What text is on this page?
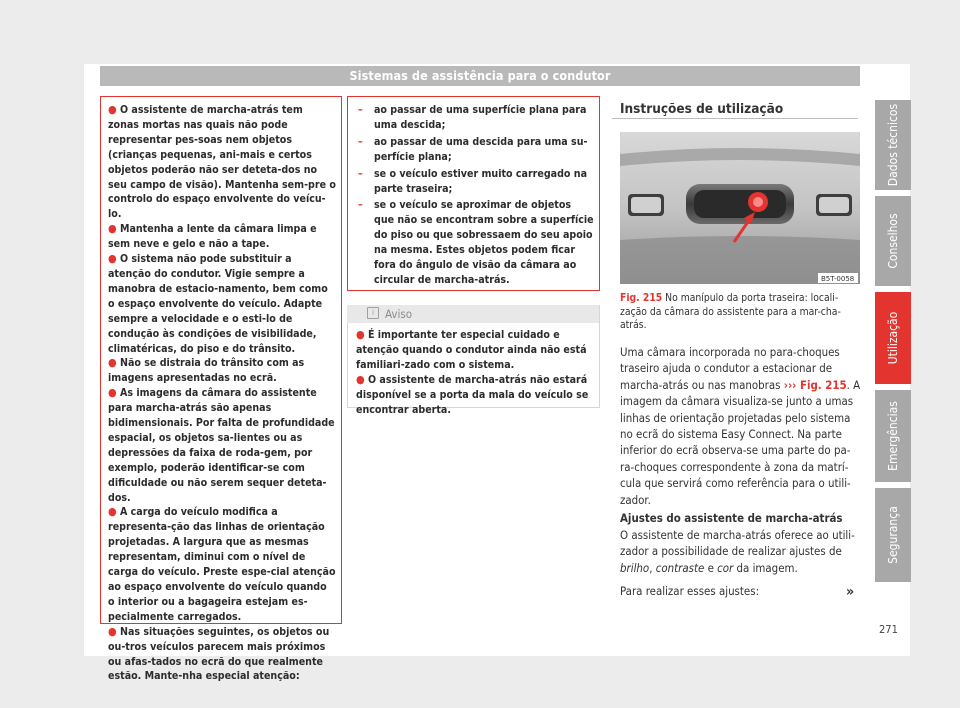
Sistemas de assistência para o condutor

● O assistente de marcha-atrás tem zonas mortas nas quais não pode representar pes-soas nem objetos (crianças pequenas, ani-mais e certos objetos poderão não ser deteta-dos no seu campo de visão). Mantenha sem-pre o controlo do espaço envolvente do veícu-lo.

● Mantenha a lente da câmara limpa e sem neve e gelo e não a tape.

● O sistema não pode substituir a atenção do condutor. Vigie sempre a manobra de estacio-namento, bem como o espaço envolvente do veículo. Adapte sempre a velocidade e o esti-lo de condução às condições de visibilidade, climatéricas, do piso e do trânsito.

● Não se distraia do trânsito com as imagens apresentadas no ecrã.

● As imagens da câmara do assistente para marcha-atrás são apenas bidimensionais. Por falta de profundidade espacial, os objetos sa-lientes ou as depressões da faixa de roda-gem, por exemplo, poderão identificar-se com dificuldade ou não serem sequer deteta-dos.

● A carga do veículo modifica a representa-ção das linhas de orientação projetadas. A largura que as mesmas representam, diminui com o nível de carga do veículo. Preste espe-cial atenção ao espaço envolvente do veículo quando o interior ou a bagageira estejam es-pecialmente carregados.

● Nas situações seguintes, os objetos ou ou-tros veículos parecem mais próximos ou afas-tados no ecrã do que realmente estão. Mante-nha especial atenção:

– ao passar de uma superfície plana para uma descida;

– ao passar de uma descida para uma su-perfície plana;

– se o veículo estiver muito carregado na parte traseira;

– se o veículo se aproximar de objetos que não se encontram sobre a superfície do piso ou que sobressaem do seu apoio na mesma. Estes objetos podem ficar fora do ângulo de visão da câmara ao circular de marcha-atrás.

i Aviso

● É importante ter especial cuidado e atenção quando o condutor ainda não está familiari-zado com o sistema.

● O assistente de marcha-atrás não estará disponível se a porta da mala do veículo se encontrar aberta.

Instruções de utilização
B5T-0058
Fig. 215 No manípulo da porta traseira: locali-zação da câmara do assistente para a mar-cha-atrás.
Uma câmara incorporada no para-choques traseiro ajuda o condutor a estacionar de marcha-atrás ou nas manobras ››› Fig. 215. A imagem da câmara visualiza-se junto a umas linhas de orientação projetadas pelo sistema no ecrã do sistema Easy Connect. Na parte inferior do ecrã observa-se uma parte do pa-ra-choques correspondente à zona da matrí-cula que servirá como referência para o utili-zador.
Ajustes do assistente de marcha-atrás
O assistente de marcha-atrás oferece ao utili-zador a possibilidade de realizar ajustes de brilho, contraste e cor da imagem.
Para realizar esses ajustes:	»
271
Dados técnicos
Conselhos
Utilização
Emergências
Segurança
